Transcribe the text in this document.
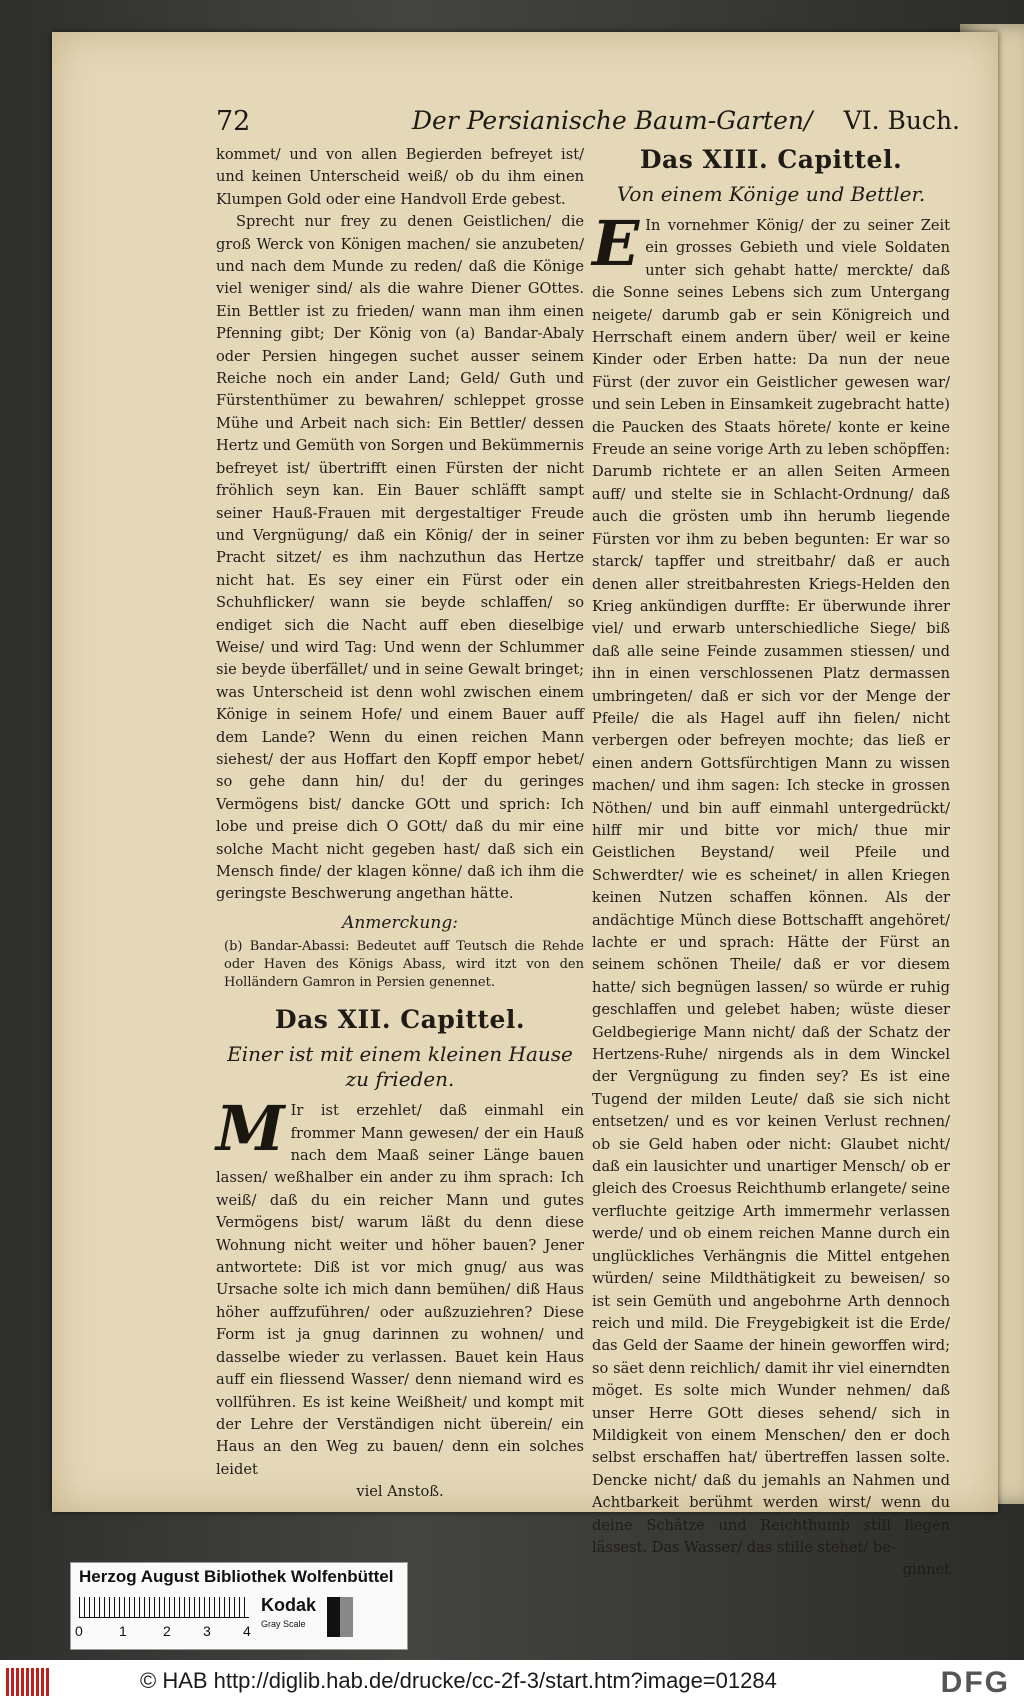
72	Der Persianische Baum-Garten/ VI. Buch.

kommet/ und von allen Begierden befreyet ist/ und keinen Unterscheid weiß/ ob du ihm einen Klumpen Gold oder eine Handvoll Erde gebest.

Sprecht nur frey zu denen Geistlichen/ die groß Werck von Königen machen/ sie anzubeten/ und nach dem Munde zu reden/ daß die Könige viel weniger sind/ als die wahre Diener GOttes. Ein Bettler ist zu frieden/ wann man ihm einen Pfenning gibt; Der König von (a) Bandar-Abaly oder Persien hingegen suchet ausser seinem Reiche noch ein ander Land; Geld/ Guth und Fürstenthümer zu bewahren/ schleppet grosse Mühe und Arbeit nach sich: Ein Bettler/ dessen Hertz und Gemüth von Sorgen und Bekümmernis befreyet ist/ übertrifft einen Fürsten der nicht fröhlich seyn kan. Ein Bauer schläfft sampt seiner Hauß-Frauen mit dergestaltiger Freude und Vergnügung/ daß ein König/ der in seiner Pracht sitzet/ es ihm nachzuthun das Hertze nicht hat. Es sey einer ein Fürst oder ein Schuhflicker/ wann sie beyde schlaffen/ so endiget sich die Nacht auff eben dieselbige Weise/ und wird Tag: Und wenn der Schlummer sie beyde überfället/ und in seine Gewalt bringet; was Unterscheid ist denn wohl zwischen einem Könige in seinem Hofe/ und einem Bauer auff dem Lande? Wenn du einen reichen Mann siehest/ der aus Hoffart den Kopff empor hebet/ so gehe dann hin/ du! der du geringes Vermögens bist/ dancke GOtt und sprich: Ich lobe und preise dich O GOtt/ daß du mir eine solche Macht nicht gegeben hast/ daß sich ein Mensch finde/ der klagen könne/ daß ich ihm die geringste Beschwerung angethan hätte.

Anmerckung:

(b) Bandar-Abassi: Bedeutet auff Teutsch die Rehde oder Haven des Königs Abass, wird itzt von den Holländern Gamron in Persien genennet.

Das XII. Capittel.
Einer ist mit einem kleinen Hause zu frieden.

M Ir ist erzehlet/ daß einmahl ein frommer Mann gewesen/ der ein Hauß nach dem Maaß seiner Länge bauen lassen/ weßhalber ein ander zu ihm sprach: Ich weiß/ daß du ein reicher Mann und gutes Vermögens bist/ warum läßt du denn diese Wohnung nicht weiter und höher bauen? Jener antwortete: Diß ist vor mich gnug/ aus was Ursache solte ich mich dann bemühen/ diß Haus höher auffzuführen/ oder außzuziehren? Diese Form ist ja gnug darinnen zu wohnen/ und dasselbe wieder zu verlassen. Bauet kein Haus auff ein fliessend Wasser/ denn niemand wird es vollführen. Es ist keine Weißheit/ und kompt mit der Lehre der Verständigen nicht überein/ ein Haus an den Weg zu bauen/ denn ein solches leidet

viel Anstoß.

Das XIII. Capittel.
Von einem Könige und Bettler.

E In vornehmer König/ der zu seiner Zeit ein grosses Gebieth und viele Soldaten unter sich gehabt hatte/ merckte/ daß die Sonne seines Lebens sich zum Untergang neigete/ darumb gab er sein Königreich und Herrschaft einem andern über/ weil er keine Kinder oder Erben hatte: Da nun der neue Fürst (der zuvor ein Geistlicher gewesen war/ und sein Leben in Einsamkeit zugebracht hatte) die Paucken des Staats hörete/ konte er keine Freude an seine vorige Arth zu leben schöpffen: Darumb richtete er an allen Seiten Armeen auff/ und stelte sie in Schlacht-Ordnung/ daß auch die grösten umb ihn herumb liegende Fürsten vor ihm zu beben begunten: Er war so starck/ tapffer und streitbahr/ daß er auch denen aller streitbahresten Kriegs-Helden den Krieg ankündigen durffte: Er überwunde ihrer viel/ und erwarb unterschiedliche Siege/ biß daß alle seine Feinde zusammen stiessen/ und ihn in einen verschlossenen Platz dermassen umbringeten/ daß er sich vor der Menge der Pfeile/ die als Hagel auff ihn fielen/ nicht verbergen oder befreyen mochte; das ließ er einen andern Gottsfürchtigen Mann zu wissen machen/ und ihm sagen: Ich stecke in grossen Nöthen/ und bin auff einmahl untergedrückt/ hilff mir und bitte vor mich/ thue mir Geistlichen Beystand/ weil Pfeile und Schwerdter/ wie es scheinet/ in allen Kriegen keinen Nutzen schaffen können. Als der andächtige Münch diese Bottschafft angehöret/ lachte er und sprach: Hätte der Fürst an seinem schönen Theile/ daß er vor diesem hatte/ sich begnügen lassen/ so würde er ruhig geschlaffen und gelebet haben; wüste dieser Geldbegierige Mann nicht/ daß der Schatz der Hertzens-Ruhe/ nirgends als in dem Winckel der Vergnügung zu finden sey? Es ist eine Tugend der milden Leute/ daß sie sich nicht entsetzen/ und es vor keinen Verlust rechnen/ ob sie Geld haben oder nicht: Glaubet nicht/ daß ein lausichter und unartiger Mensch/ ob er gleich des Croesus Reichthumb erlangete/ seine verfluchte geitzige Arth immermehr verlassen werde/ und ob einem reichen Manne durch ein unglückliches Verhängnis die Mittel entgehen würden/ seine Mildthätigkeit zu beweisen/ so ist sein Gemüth und angebohrne Arth dennoch reich und mild. Die Freygebigkeit ist die Erde/ das Geld der Saame der hinein geworffen wird; so säet denn reichlich/ damit ihr viel einerndten möget. Es solte mich Wunder nehmen/ daß unser Herre GOtt dieses sehend/ sich in Mildigkeit von einem Menschen/ den er doch selbst erschaffen hat/ übertreffen lassen solte. Dencke nicht/ daß du jemahls an Nahmen und Achtbarkeit berühmt werden wirst/ wenn du deine Schätze und Reichthumb still liegen lässest. Das Wasser/ das stille stehet/ be-

ginnet

Herzog August Bibliothek Wolfenbüttel
0	1	2 3 4
Kodak
Gray Scale
© HAB http://diglib.hab.de/drucke/cc-2f-3/start.htm?image=01284	DFG
